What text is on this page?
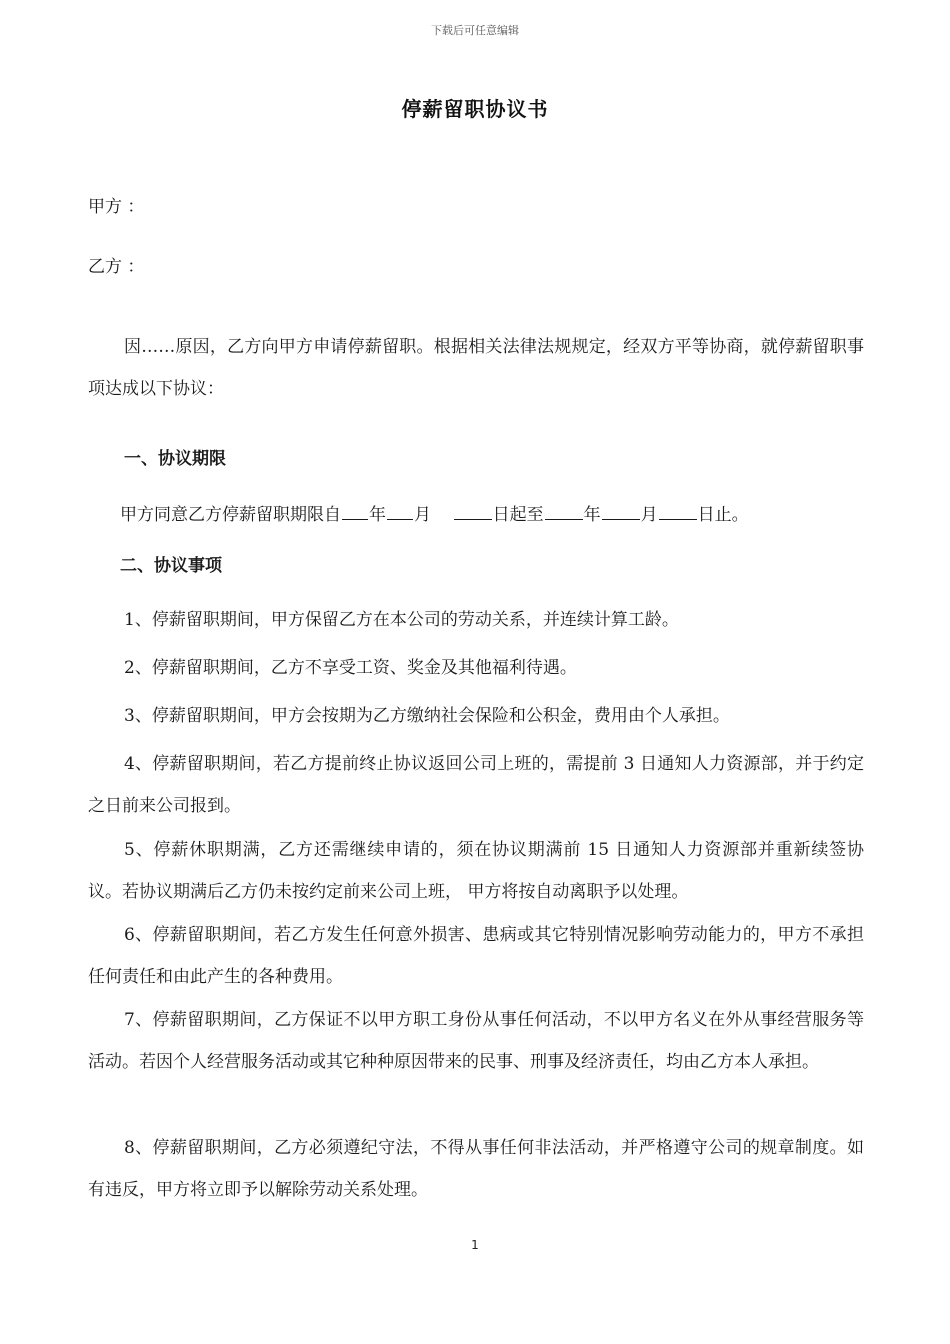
下载后可任意编辑
停薪留职协议书
甲方 ：
乙方 ：
因……原因，乙方向甲方申请停薪留职。根据相关法律法规规定，经双方平等协商，就停薪留职事项达成以下协议：
一、协议期限
甲方同意乙方停薪留职期限自 年 月	日起至 年 月 日止。
二、协议事项
1、停薪留职期间，甲方保留乙方在本公司的劳动关系，并连续计算工龄。
2、停薪留职期间，乙方不享受工资、奖金及其他福利待遇。
3、停薪留职期间，甲方会按期为乙方缴纳社会保险和公积金，费用由个人承担。
4、停薪留职期间，若乙方提前终止协议返回公司上班的，需提前 3 日通知人力资源部，并于约定之日前来公司报到。
5、停薪休职期满，乙方还需继续申请的，须在协议期满前 15 日通知人力资源部并重新续签协议。若协议期满后乙方仍未按约定前来公司上班， 甲方将按自动离职予以处理。
6、停薪留职期间，若乙方发生任何意外损害、患病或其它特别情况影响劳动能力的，甲方不承担任何责任和由此产生的各种费用。
7、停薪留职期间，乙方保证不以甲方职工身份从事任何活动，不以甲方名义在外从事经营服务等活动。若因个人经营服务活动或其它种种原因带来的民事、刑事及经济责任，均由乙方本人承担。
8、停薪留职期间，乙方必须遵纪守法，不得从事任何非法活动，并严格遵守公司的规章制度。如有违反，甲方将立即予以解除劳动关系处理。
1
